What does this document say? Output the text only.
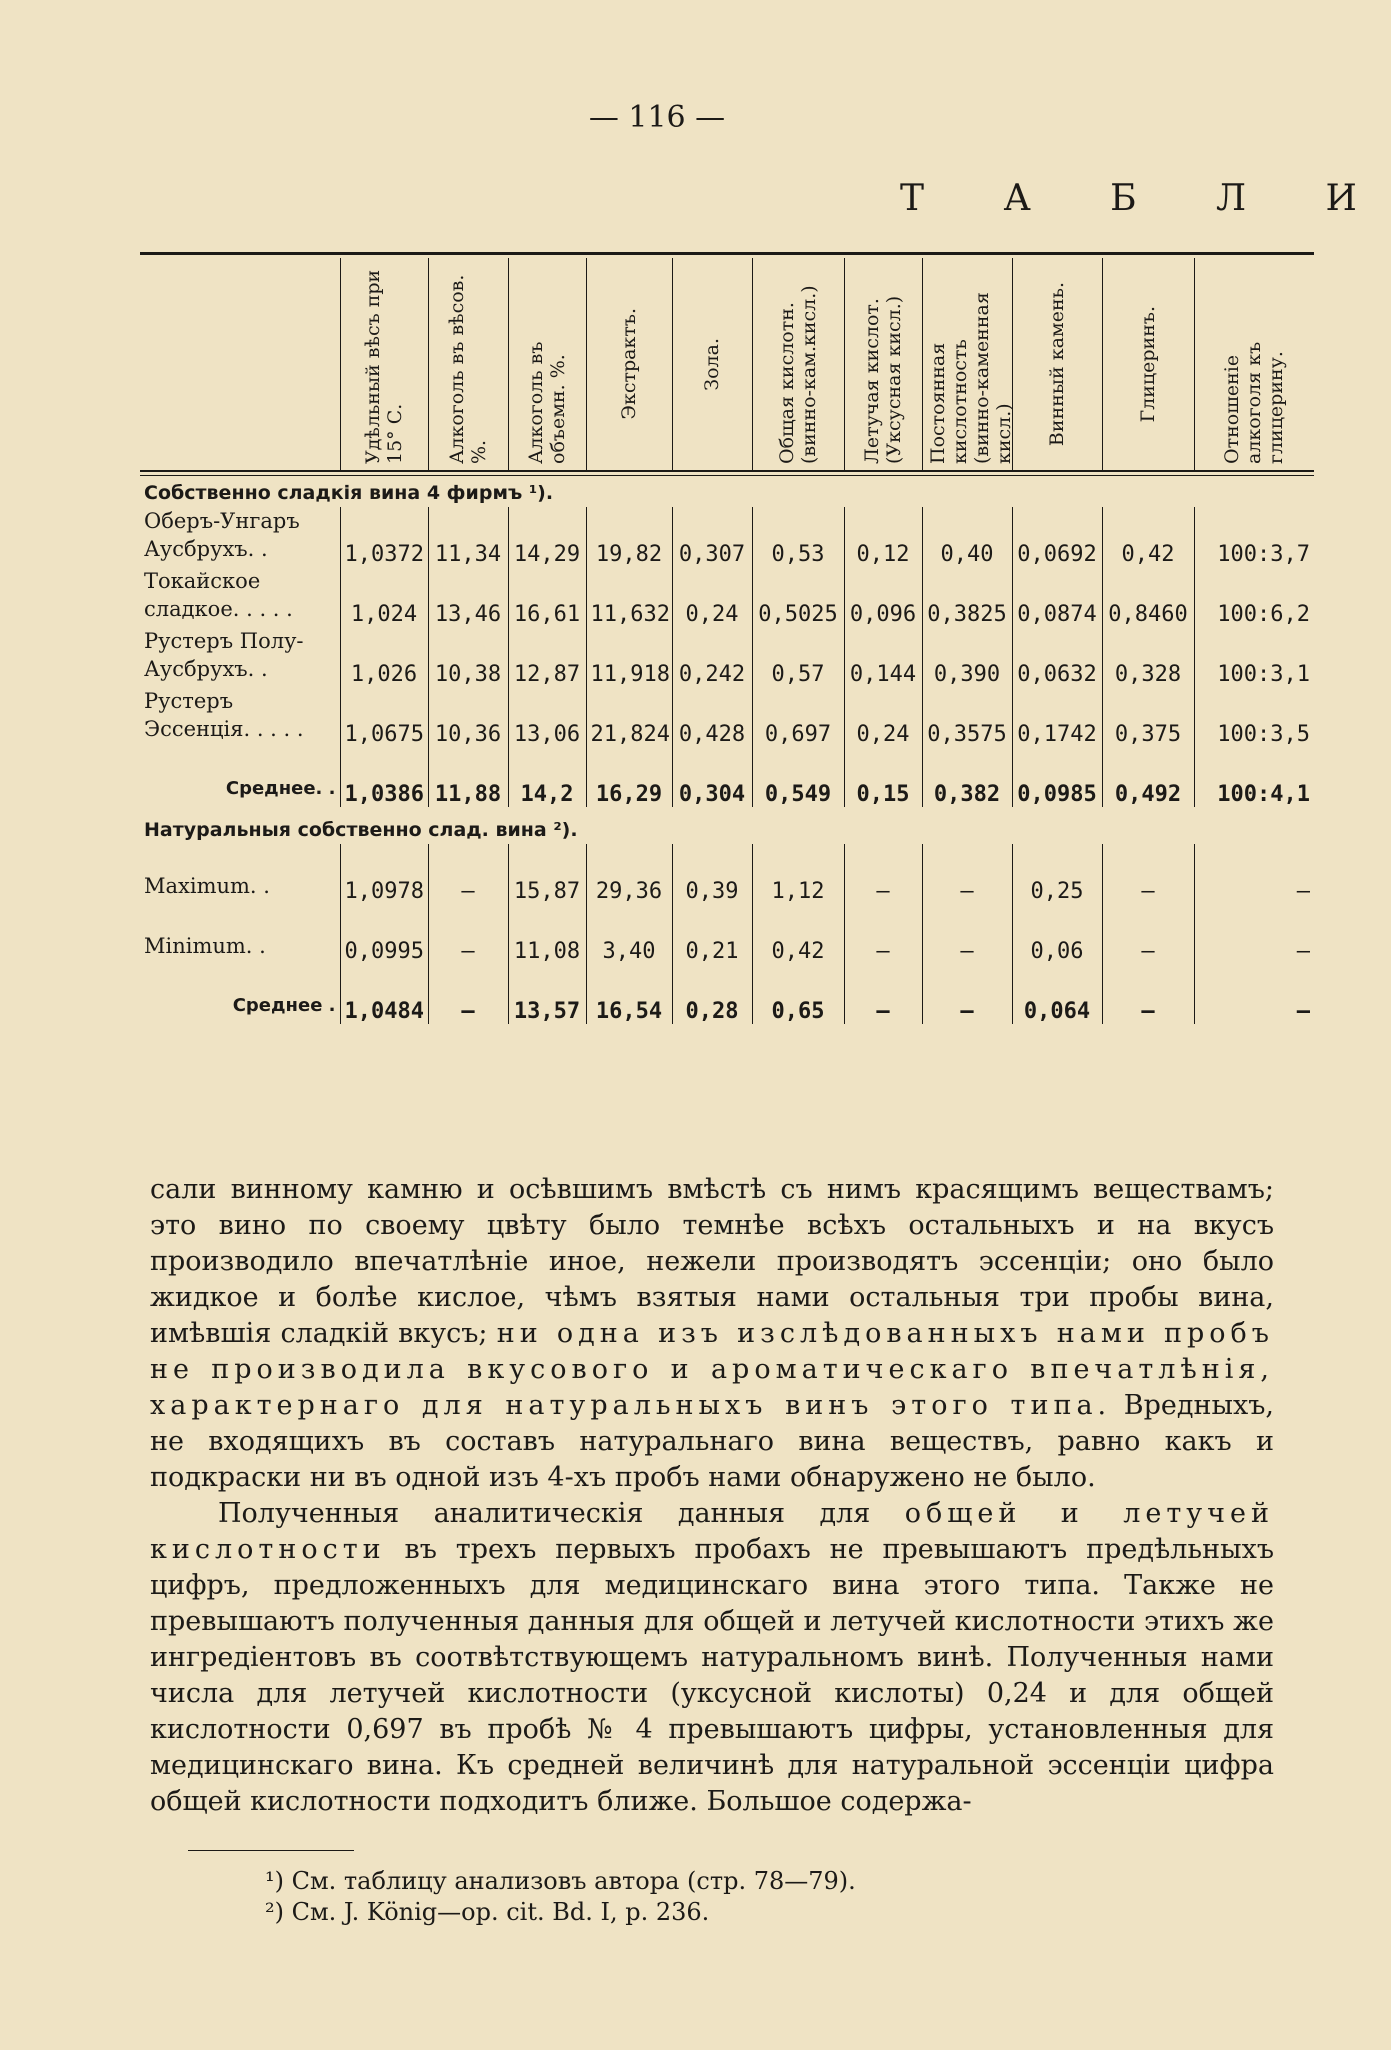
— 116 —
Т А Б Л И

	Удѣльный вѣсъ при 15° С.	Алкоголь въ вѣсов. %.	Алкоголь въ объемн. %.	Экстрактъ.	Зола.	Общая кислотн. (винно-кам.кисл.)	Летучая кислот. (Уксусная кисл.)	Постоянная кислотность (винно-каменная кисл.)	Винный камень.	Глицеринъ.	Отношеніе алкоголя къ глицерину.

Собственно сладкія вина 4 фирмъ ¹).											
Оберъ-Унгаръ Аусбрухъ. .	1,0372	11,34	14,29	19,82	0,307	0,53	0,12	0,40	0,0692	0,42	100:3,7
Токайское сладкое. . . . .	1,024	13,46	16,61	11,632	0,24	0,5025	0,096	0,3825	0,0874	0,8460	100:6,2
Рустеръ Полу-Аусбрухъ. .	1,026	10,38	12,87	11,918	0,242	0,57	0,144	0,390	0,0632	0,328	100:3,1
Рустеръ Эссенція. . . . .	1,0675	10,36	13,06	21,824	0,428	0,697	0,24	0,3575	0,1742	0,375	100:3,5
Среднее. .	1,0386	11,88	14,2	16,29	0,304	0,549	0,15	0,382	0,0985	0,492	100:4,1

Натуральныя собственно слад. вина ²).											
Maximum. .	1,0978	—	15,87	29,36	0,39	1,12	—	—	0,25	—	—
Minimum. .	0,0995	—	11,08	3,40	0,21	0,42	—	—	0,06	—	—
Среднее .	1,0484	—	13,57	16,54	0,28	0,65	—	—	0,064	—	—

сали винному камню и осѣвшимъ вмѣстѣ съ нимъ красящимъ веществамъ; это вино по своему цвѣту было темнѣе всѣхъ остальныхъ и на вкусъ производило впечатлѣніе иное, нежели производятъ эссенціи; оно было жидкое и болѣе кислое, чѣмъ взятыя нами остальныя три пробы вина, имѣвшія сладкій вкусъ; ни одна изъ изслѣдованныхъ нами пробъ не производила вкусового и ароматическаго впечатлѣнія, характернаго для натуральныхъ винъ этого типа. Вредныхъ, не входящихъ въ составъ натуральнаго вина веществъ, равно какъ и подкраски ни въ одной изъ 4-хъ пробъ нами обнаружено не было.

Полученныя аналитическія данныя для общей и летучей кислотности въ трехъ первыхъ пробахъ не превышаютъ предѣльныхъ цифръ, предложенныхъ для медицинскаго вина этого типа. Также не превышаютъ полученныя данныя для общей и летучей кислотности этихъ же ингредіентовъ въ соотвѣтствующемъ натуральномъ винѣ. Полученныя нами числа для летучей кислотности (уксусной кислоты) 0,24 и для общей кислотности 0,697 въ пробѣ № 4 превышаютъ цифры, установленныя для медицинскаго вина. Къ средней величинѣ для натуральной эссенціи цифра общей кислотности подходитъ ближе. Большое содержа-

¹) См. таблицу анализовъ автора (стр. 78—79).
²) См. J. König—op. cit. Bd. I, p. 236.
